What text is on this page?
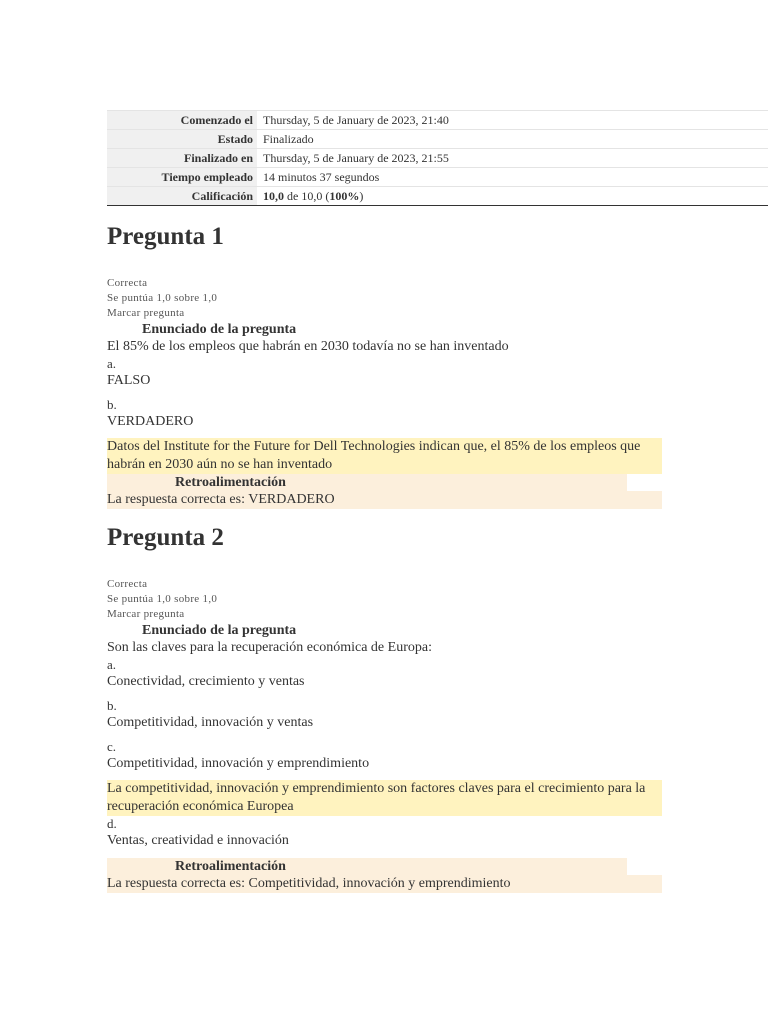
Comenzado el	Thursday, 5 de January de 2023, 21:40
Estado	Finalizado
Finalizado en	Thursday, 5 de January de 2023, 21:55
Tiempo empleado	14 minutos 37 segundos
Calificación	10,0 de 10,0 (100%)
Pregunta 1
Correcta
Se puntúa 1,0 sobre 1,0
Marcar pregunta
Enunciado de la pregunta
El 85% de los empleos que habrán en 2030 todavía no se han inventado
a.
FALSO
b.
VERDADERO
Datos del Institute for the Future for Dell Technologies indican que, el 85% de los empleos que habrán en 2030 aún no se han inventado
Retroalimentación
La respuesta correcta es: VERDADERO
Pregunta 2
Correcta
Se puntúa 1,0 sobre 1,0
Marcar pregunta
Enunciado de la pregunta
Son las claves para la recuperación económica de Europa:
a.
Conectividad, crecimiento y ventas
b.
Competitividad, innovación y ventas
c.
Competitividad, innovación y emprendimiento
La competitividad, innovación y emprendimiento son factores claves para el crecimiento para la recuperación económica Europea
d.
Ventas, creatividad e innovación
Retroalimentación
La respuesta correcta es: Competitividad, innovación y emprendimiento
